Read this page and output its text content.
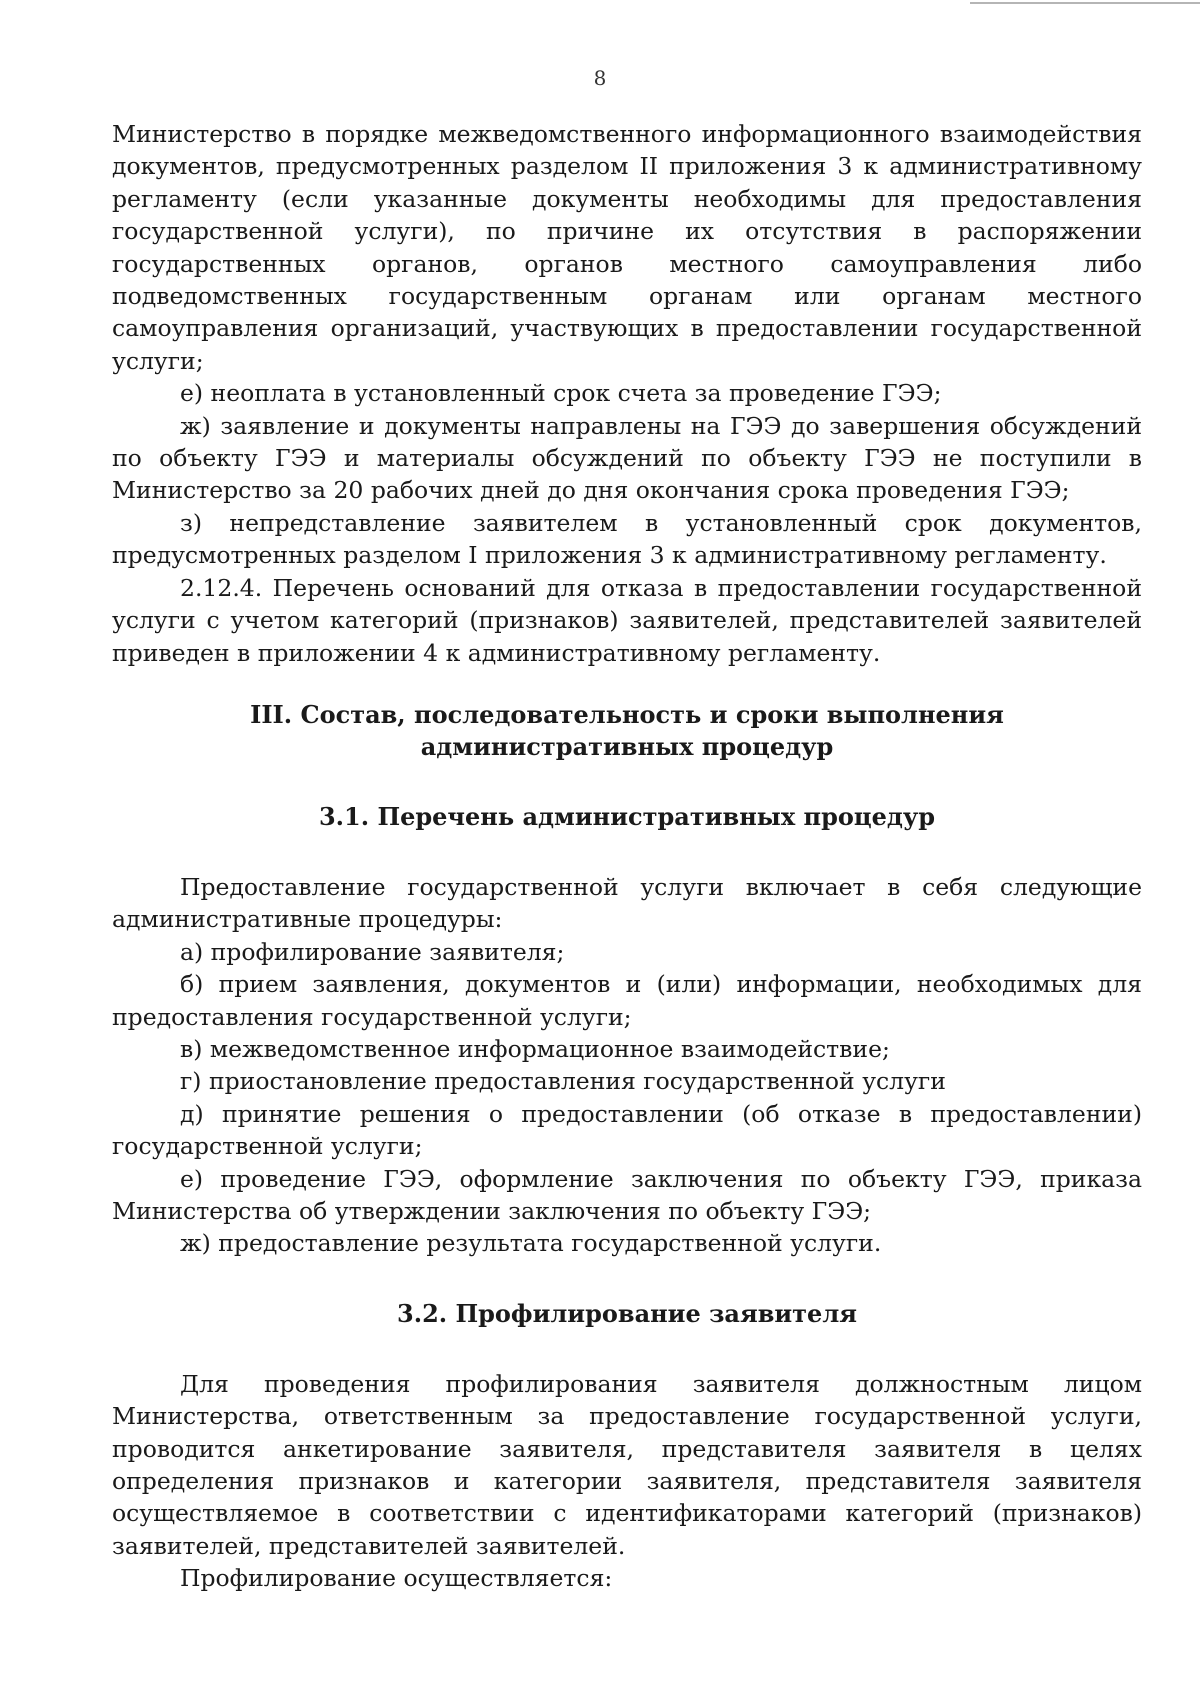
8

Министерство в порядке межведомственного информационного взаимодействия документов, предусмотренных разделом II приложения 3 к административному регламенту (если указанные документы необходимы для предоставления государственной услуги), по причине их отсутствия в распоряжении государственных органов, органов местного самоуправления либо подведомственных государственным органам или органам местного самоуправления организаций, участвующих в предоставлении государственной услуги;

е) неоплата в установленный срок счета за проведение ГЭЭ;

ж) заявление и документы направлены на ГЭЭ до завершения обсуждений по объекту ГЭЭ и материалы обсуждений по объекту ГЭЭ не поступили в Министерство за 20 рабочих дней до дня окончания срока проведения ГЭЭ;

з) непредставление заявителем в установленный срок документов, предусмотренных разделом I приложения 3 к административному регламенту.

2.12.4. Перечень оснований для отказа в предоставлении государственной услуги с учетом категорий (признаков) заявителей, представителей заявителей приведен в приложении 4 к административному регламенту.

III. Состав, последовательность и сроки выполнения
административных процедур
3.1. Перечень административных процедур

Предоставление государственной услуги включает в себя следующие административные процедуры:

а) профилирование заявителя;

б) прием заявления, документов и (или) информации, необходимых для предоставления государственной услуги;

в) межведомственное информационное взаимодействие;

г) приостановление предоставления государственной услуги

д) принятие решения о предоставлении (об отказе в предоставлении) государственной услуги;

е) проведение ГЭЭ, оформление заключения по объекту ГЭЭ, приказа Министерства об утверждении заключения по объекту ГЭЭ;

ж) предоставление результата государственной услуги.

3.2. Профилирование заявителя

Для проведения профилирования заявителя должностным лицом Министерства, ответственным за предоставление государственной услуги, проводится анкетирование заявителя, представителя заявителя в целях определения признаков и категории заявителя, представителя заявителя осуществляемое в соответствии с идентификаторами категорий (признаков) заявителей, представителей заявителей.

Профилирование осуществляется:
